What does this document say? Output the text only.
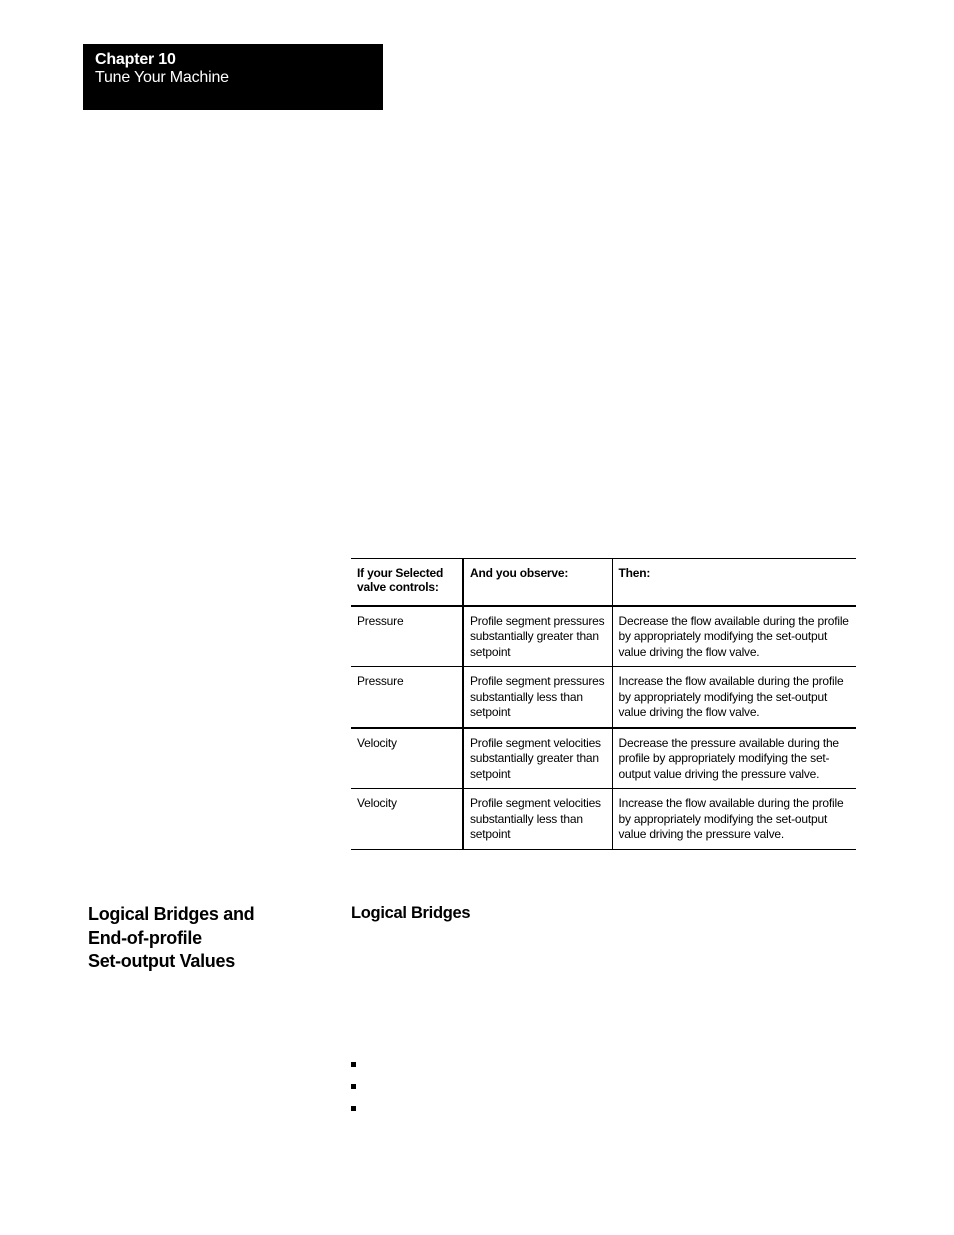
Chapter 10
Tune Your Machine
If your Selected valve controls:	And you observe:	Then:
Pressure	Profile segment pressures substantially greater than setpoint	Decrease the flow available during the profile by appropriately modifying the set-output value driving the flow valve.
Pressure	Profile segment pressures substantially less than setpoint	Increase the flow available during the profile by appropriately modifying the set-output value driving the flow valve.
Velocity	Profile segment velocities substantially greater than setpoint	Decrease the pressure available during the profile by appropriately modifying the set-output value driving the pressure valve.
Velocity	Profile segment velocities substantially less than setpoint	Increase the flow available during the profile by appropriately modifying the set-output value driving the pressure valve.
Logical Bridges and
End-of-profile
Set-output Values
Logical Bridges
